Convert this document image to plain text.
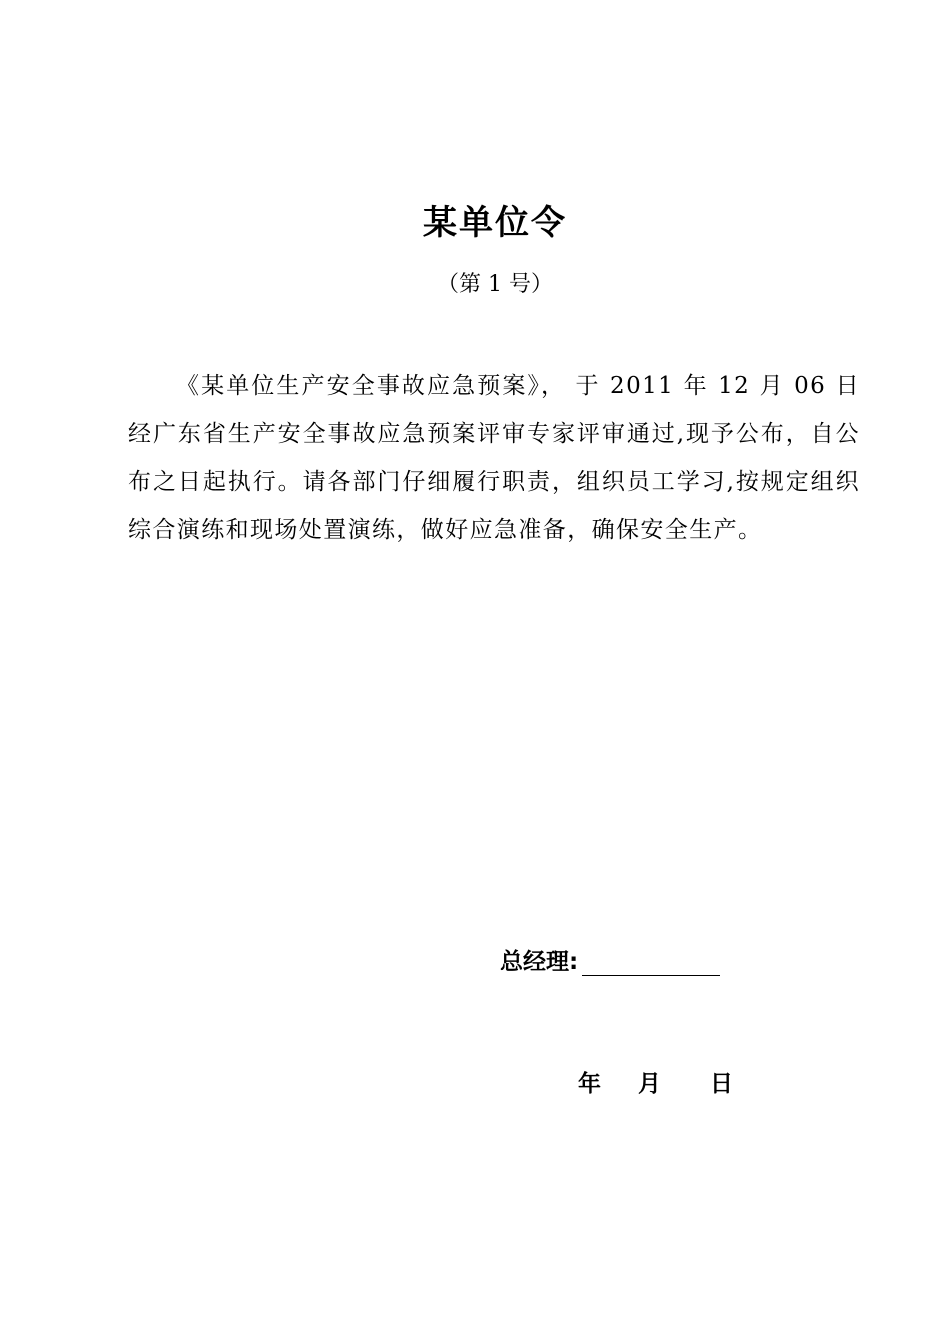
某单位令
（第 1 号）

《某单位生产安全事故应急预案》， 于 2011 年 12 月 06 日经广东省生产安全事故应急预案评审专家评审通过,现予公布，自公布之日起执行。请各部门仔细履行职责，组织员工学习,按规定组织综合演练和现场处置演练，做好应急准备，确保安全生产。

总经理:
年 月 日
